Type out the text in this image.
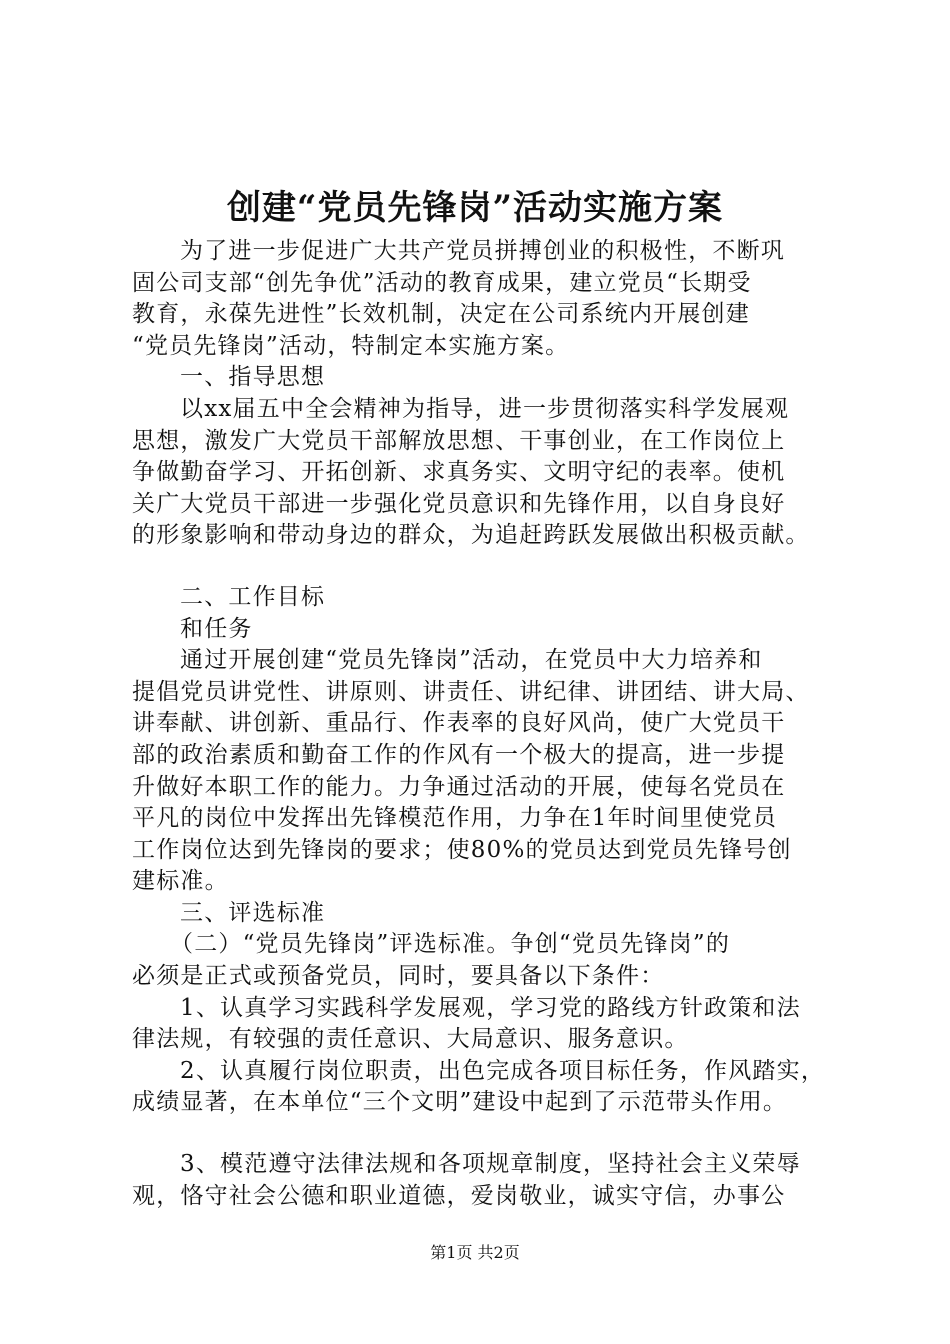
创建“党员先锋岗”活动实施方案
为了进一步促进广大共产党员拼搏创业的积极性，不断巩
固公司支部“创先争优”活动的教育成果，建立党员“长期受
教育，永葆先进性”长效机制，决定在公司系统内开展创建
“党员先锋岗”活动，特制定本实施方案。
一、指导思想
以xx届五中全会精神为指导，进一步贯彻落实科学发展观
思想，激发广大党员干部解放思想、干事创业，在工作岗位上
争做勤奋学习、开拓创新、求真务实、文明守纪的表率。使机
关广大党员干部进一步强化党员意识和先锋作用，以自身良好
的形象影响和带动身边的群众，为追赶跨跃发展做出积极贡献。
二、工作目标
和任务
通过开展创建“党员先锋岗”活动，在党员中大力培养和
提倡党员讲党性、讲原则、讲责任、讲纪律、讲团结、讲大局、
讲奉献、讲创新、重品行、作表率的良好风尚，使广大党员干
部的政治素质和勤奋工作的作风有一个极大的提高，进一步提
升做好本职工作的能力。力争通过活动的开展，使每名党员在
平凡的岗位中发挥出先锋模范作用，力争在1年时间里使党员
工作岗位达到先锋岗的要求；使80%的党员达到党员先锋号创
建标准。
三、评选标准
（二）“党员先锋岗”评选标准。争创“党员先锋岗”的
必须是正式或预备党员，同时，要具备以下条件：
1、认真学习实践科学发展观，学习党的路线方针政策和法
律法规，有较强的责任意识、大局意识、服务意识。
2、认真履行岗位职责，出色完成各项目标任务，作风踏实，
成绩显著，在本单位“三个文明”建设中起到了示范带头作用。
3、模范遵守法律法规和各项规章制度，坚持社会主义荣辱
观，恪守社会公德和职业道德，爱岗敬业，诚实守信，办事公
第1页 共2页
